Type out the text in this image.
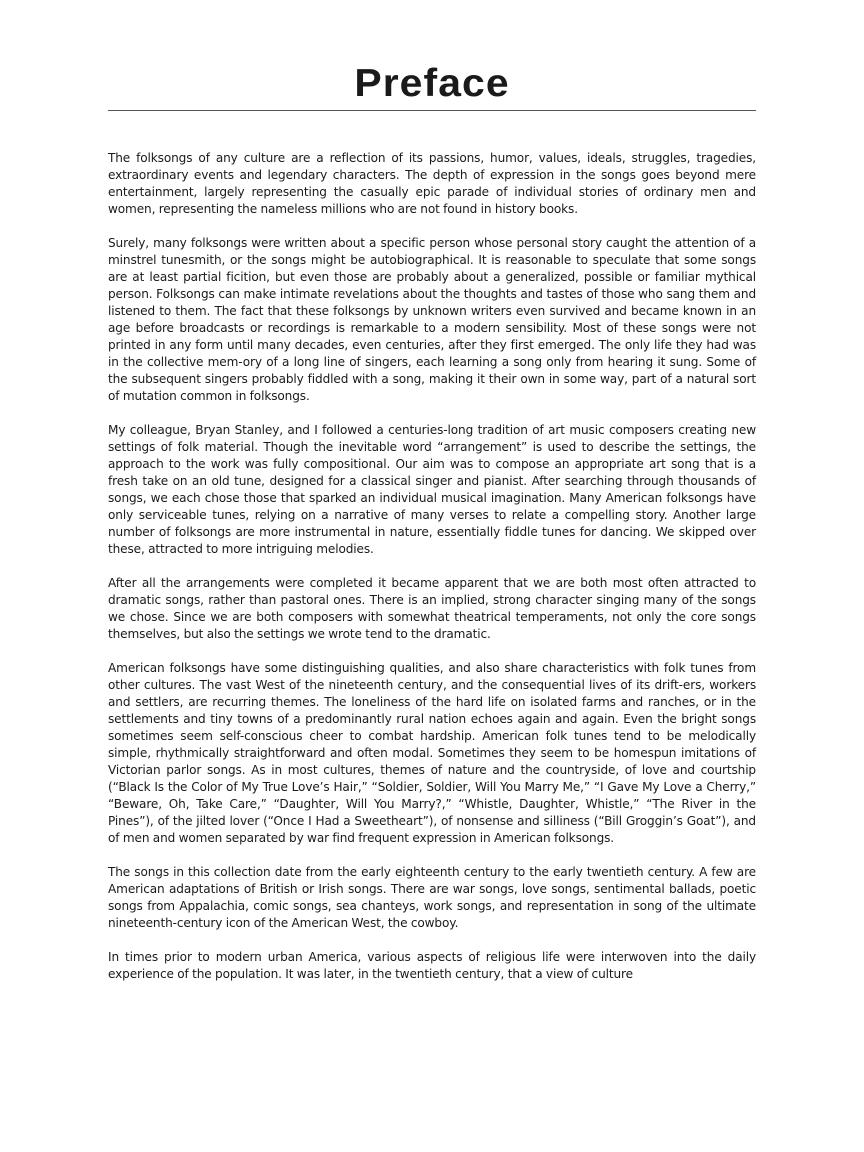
Preface

The folksongs of any culture are a reflection of its passions, humor, values, ideals, struggles, tragedies, extraordinary events and legendary characters. The depth of expression in the songs goes beyond mere entertainment, largely representing the casually epic parade of individual stories of ordinary men and women, representing the nameless millions who are not found in history books.

Surely, many folksongs were written about a specific person whose personal story caught the attention of a minstrel tunesmith, or the songs might be autobiographical. It is reasonable to speculate that some songs are at least partial ficition, but even those are probably about a generalized, possible or familiar mythical person. Folksongs can make intimate revelations about the thoughts and tastes of those who sang them and listened to them. The fact that these folksongs by unknown writers even survived and became known in an age before broadcasts or recordings is remarkable to a modern sensibility. Most of these songs were not printed in any form until many decades, even centuries, after they first emerged. The only life they had was in the collective mem-ory of a long line of singers, each learning a song only from hearing it sung. Some of the subsequent singers probably fiddled with a song, making it their own in some way, part of a natural sort of mutation common in folksongs.

My colleague, Bryan Stanley, and I followed a centuries-long tradition of art music composers creating new settings of folk material. Though the inevitable word “arrangement” is used to describe the settings, the approach to the work was fully compositional. Our aim was to compose an appropriate art song that is a fresh take on an old tune, designed for a classical singer and pianist. After searching through thousands of songs, we each chose those that sparked an individual musical imagination. Many American folksongs have only serviceable tunes, relying on a narrative of many verses to relate a compelling story. Another large number of folksongs are more instrumental in nature, essentially fiddle tunes for dancing. We skipped over these, attracted to more intriguing melodies.

After all the arrangements were completed it became apparent that we are both most often attracted to dramatic songs, rather than pastoral ones. There is an implied, strong character singing many of the songs we chose. Since we are both composers with somewhat theatrical temperaments, not only the core songs themselves, but also the settings we wrote tend to the dramatic.

American folksongs have some distinguishing qualities, and also share characteristics with folk tunes from other cultures. The vast West of the nineteenth century, and the consequential lives of its drift-ers, workers and settlers, are recurring themes. The loneliness of the hard life on isolated farms and ranches, or in the settlements and tiny towns of a predominantly rural nation echoes again and again. Even the bright songs sometimes seem self-conscious cheer to combat hardship. American folk tunes tend to be melodically simple, rhythmically straightforward and often modal. Sometimes they seem to be homespun imitations of Victorian parlor songs. As in most cultures, themes of nature and the countryside, of love and courtship (“Black Is the Color of My True Love’s Hair,” “Soldier, Soldier, Will You Marry Me,” “I Gave My Love a Cherry,” “Beware, Oh, Take Care,” “Daughter, Will You Marry?,” “Whistle, Daughter, Whistle,” “The River in the Pines”), of the jilted lover (“Once I Had a Sweetheart”), of nonsense and silliness (“Bill Groggin’s Goat”), and of men and women separated by war find frequent expression in American folksongs.

The songs in this collection date from the early eighteenth century to the early twentieth century. A few are American adaptations of British or Irish songs. There are war songs, love songs, sentimental ballads, poetic songs from Appalachia, comic songs, sea chanteys, work songs, and representation in song of the ultimate nineteenth-century icon of the American West, the cowboy.

In times prior to modern urban America, various aspects of religious life were interwoven into the daily experience of the population. It was later, in the twentieth century, that a view of culture
